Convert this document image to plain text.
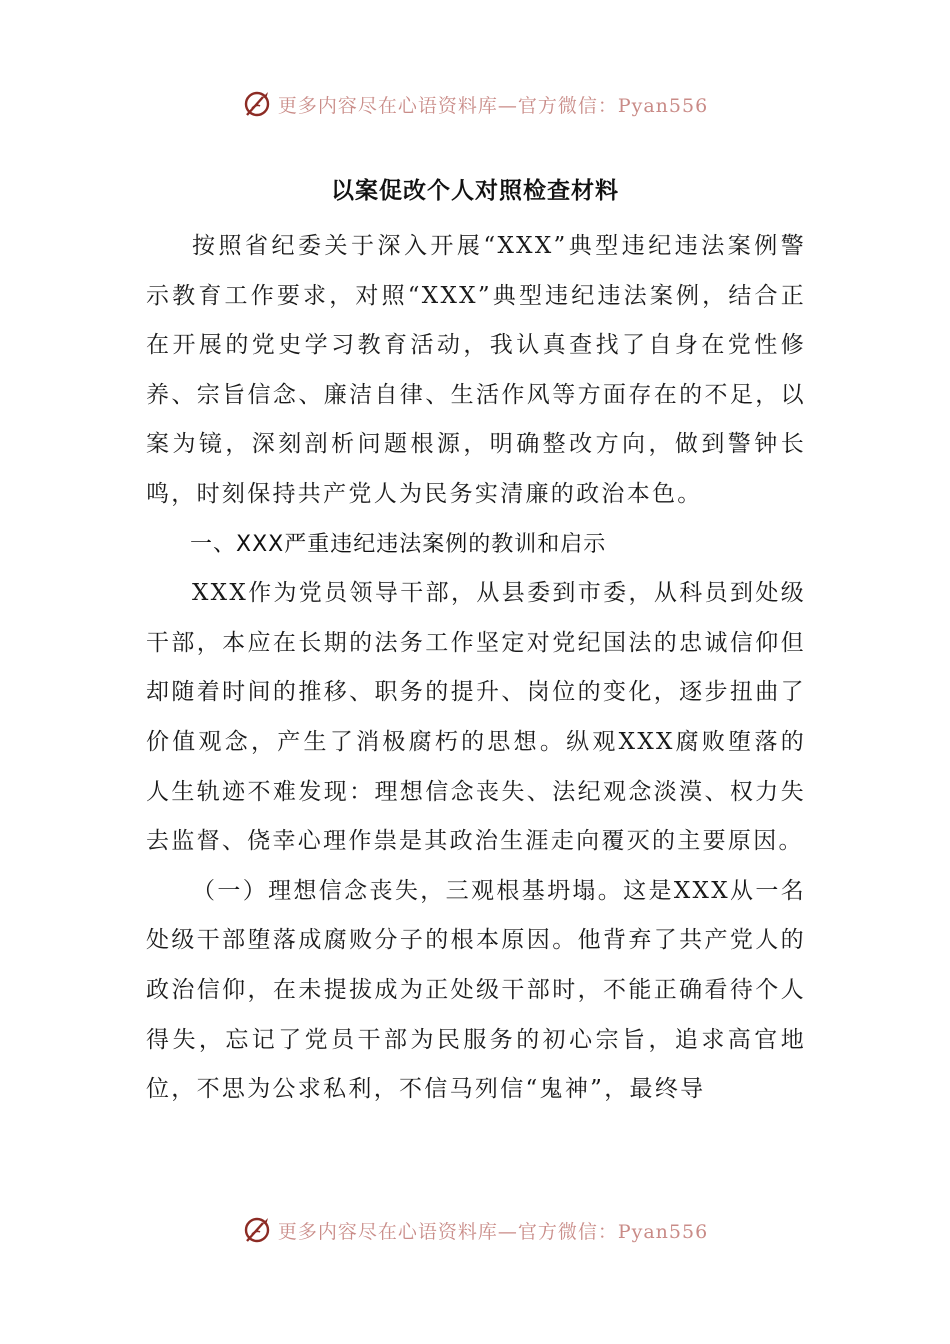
更多内容尽在心语资料库—官方微信：Pyan556
以案促改个人对照检查材料

按照省纪委关于深入开展“XXX”典型违纪违法案例警示教育工作要求，对照“XXX”典型违纪违法案例，结合正在开展的党史学习教育活动，我认真查找了自身在党性修养、宗旨信念、廉洁自律、生活作风等方面存在的不足，以案为镜，深刻剖析问题根源，明确整改方向，做到警钟长鸣，时刻保持共产党人为民务实清廉的政治本色。

一、XXX严重违纪违法案例的教训和启示

XXX作为党员领导干部，从县委到市委，从科员到处级干部，本应在长期的法务工作坚定对党纪国法的忠诚信仰但却随着时间的推移、职务的提升、岗位的变化，逐步扭曲了价值观念，产生了消极腐朽的思想。纵观XXX腐败堕落的人生轨迹不难发现：理想信念丧失、法纪观念淡漠、权力失去监督、侥幸心理作祟是其政治生涯走向覆灭的主要原因。

（一）理想信念丧失，三观根基坍塌。这是XXX从一名处级干部堕落成腐败分子的根本原因。他背弃了共产党人的政治信仰，在未提拔成为正处级干部时，不能正确看待个人得失，忘记了党员干部为民服务的初心宗旨，追求高官地位，不思为公求私利，不信马列信“鬼神”，最终导

更多内容尽在心语资料库—官方微信：Pyan556
